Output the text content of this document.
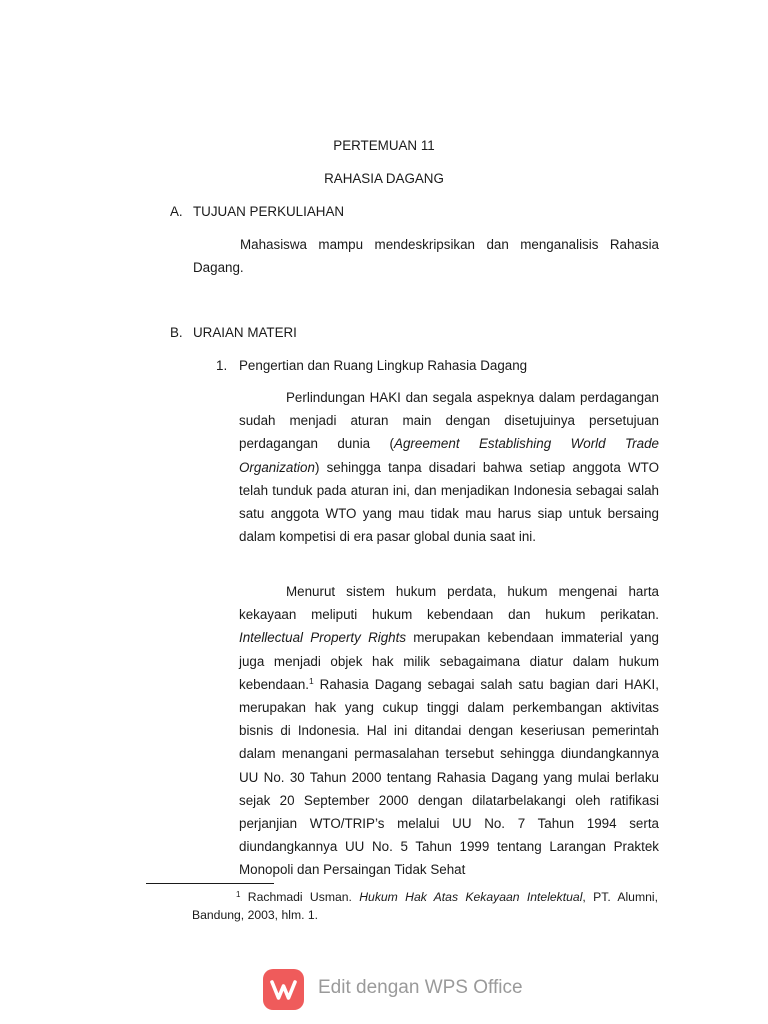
PERTEMUAN 11
RAHASIA DAGANG
A. TUJUAN PERKULIAHAN
Mahasiswa mampu mendeskripsikan dan menganalisis Rahasia Dagang.
B. URAIAN MATERI
1. Pengertian dan Ruang Lingkup Rahasia Dagang
Perlindungan HAKI dan segala aspeknya dalam perdagangan sudah menjadi aturan main dengan disetujuinya persetujuan perdagangan dunia (Agreement Establishing World Trade Organization) sehingga tanpa disadari bahwa setiap anggota WTO telah tunduk pada aturan ini, dan menjadikan Indonesia sebagai salah satu anggota WTO yang mau tidak mau harus siap untuk bersaing dalam kompetisi di era pasar global dunia saat ini.
Menurut sistem hukum perdata, hukum mengenai harta kekayaan meliputi hukum kebendaan dan hukum perikatan. Intellectual Property Rights merupakan kebendaan immaterial yang juga menjadi objek hak milik sebagaimana diatur dalam hukum kebendaan.$^1$ Rahasia Dagang sebagai salah satu bagian dari HAKI, merupakan hak yang cukup tinggi dalam perkembangan aktivitas bisnis di Indonesia. Hal ini ditandai dengan keseriusan pemerintah dalam menangani permasalahan tersebut sehingga diundangkannya UU No. 30 Tahun 2000 tentang Rahasia Dagang yang mulai berlaku sejak 20 September 2000 dengan dilatarbelakangi oleh ratifikasi perjanjian WTO/TRIP’s melalui UU No. 7 Tahun 1994 serta diundangkannya UU No. 5 Tahun 1999 tentang Larangan Praktek Monopoli dan Persaingan Tidak Sehat
$^1$ Rachmadi Usman. Hukum Hak Atas Kekayaan Intelektual, PT. Alumni, Bandung, 2003, hlm. 1.
Edit dengan WPS Office
